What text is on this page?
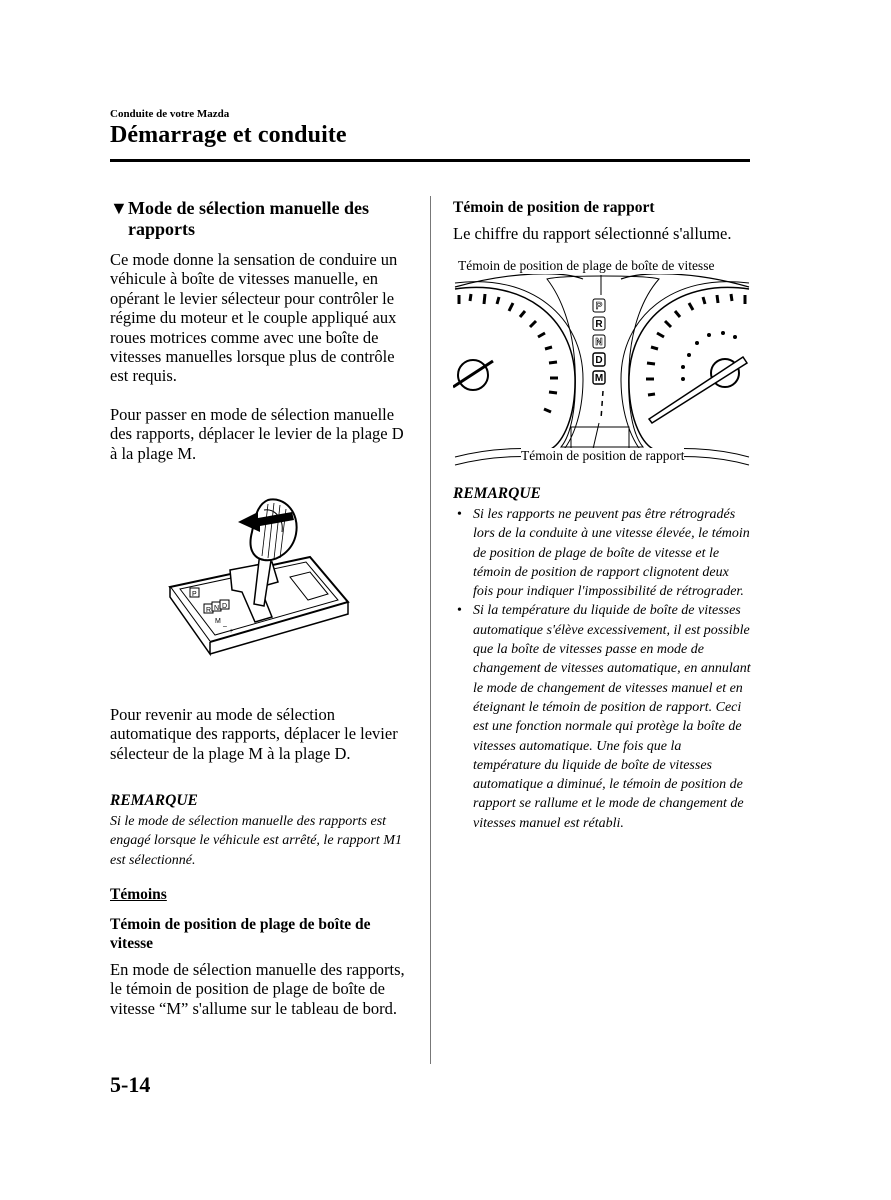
Conduite de votre Mazda
Démarrage et conduite
▼Mode de sélection manuelle des rapports
Ce mode donne la sensation de conduire un véhicule à boîte de vitesses manuelle, en opérant le levier sélecteur pour contrôler le régime du moteur et le couple appliqué aux roues motrices comme avec une boîte de vitesses manuelles lorsque plus de contrôle est requis.
Pour passer en mode de sélection manuelle des rapports, déplacer le levier de la plage D à la plage M.
P
R N D
M
–
+
Pour revenir au mode de sélection automatique des rapports, déplacer le levier sélecteur de la plage M à la plage D.
REMARQUE
Si le mode de sélection manuelle des rapports est engagé lorsque le véhicule est arrêté, le rapport M1 est sélectionné.
Témoins
Témoin de position de plage de boîte de vitesse
En mode de sélection manuelle des rapports, le témoin de position de plage de boîte de vitesse “M” s'allume sur le tableau de bord.
5-14
Témoin de position de rapport
Le chiffre du rapport sélectionné s'allume.
P
R
N
D
M
Témoin de position de plage de boîte de vitesse
Témoin de position de rapport
REMARQUE
• Si les rapports ne peuvent pas être rétrogradés lors de la conduite à une vitesse élevée, le témoin de position de plage de boîte de vitesse et le témoin de position de rapport clignotent deux fois pour indiquer l'impossibilité de rétrograder.
• Si la température du liquide de boîte de vitesses automatique s'élève excessivement, il est possible que la boîte de vitesses passe en mode de changement de vitesses automatique, en annulant le mode de changement de vitesses manuel et en éteignant le témoin de position de rapport. Ceci est une fonction normale qui protège la boîte de vitesses automatique. Une fois que la température du liquide de boîte de vitesses automatique a diminué, le témoin de position de rapport se rallume et le mode de changement de vitesses manuel est rétabli.
